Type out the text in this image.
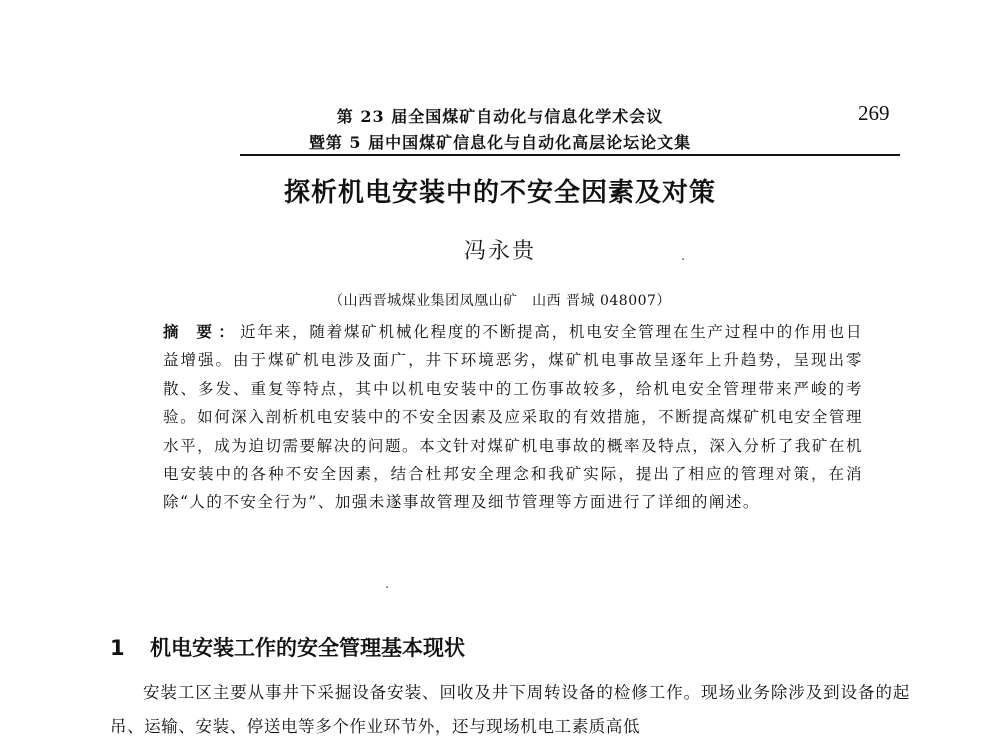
第 23 届全国煤矿自动化与信息化学术会议
暨第 5 届中国煤矿信息化与自动化高层论坛论文集
269
探析机电安装中的不安全因素及对策
冯永贵
（山西晋城煤业集团凤凰山矿　山西 晋城 048007）
摘 要：近年来，随着煤矿机械化程度的不断提高，机电安全管理在生产过程中的作用也日益增强。由于煤矿机电涉及面广，井下环境恶劣，煤矿机电事故呈逐年上升趋势，呈现出零散、多发、重复等特点，其中以机电安装中的工伤事故较多，给机电安全管理带来严峻的考验。如何深入剖析机电安装中的不安全因素及应采取的有效措施，不断提高煤矿机电安全管理水平，成为迫切需要解决的问题。本文针对煤矿机电事故的概率及特点，深入分析了我矿在机电安装中的各种不安全因素，结合杜邦安全理念和我矿实际，提出了相应的管理对策，在消除“人的不安全行为”、加强未遂事故管理及细节管理等方面进行了详细的阐述。
1 机电安装工作的安全管理基本现状
安装工区主要从事井下采掘设备安装、回收及井下周转设备的检修工作。现场业务除涉及到设备的起吊、运输、安装、停送电等多个作业环节外，还与现场机电工素质高低
